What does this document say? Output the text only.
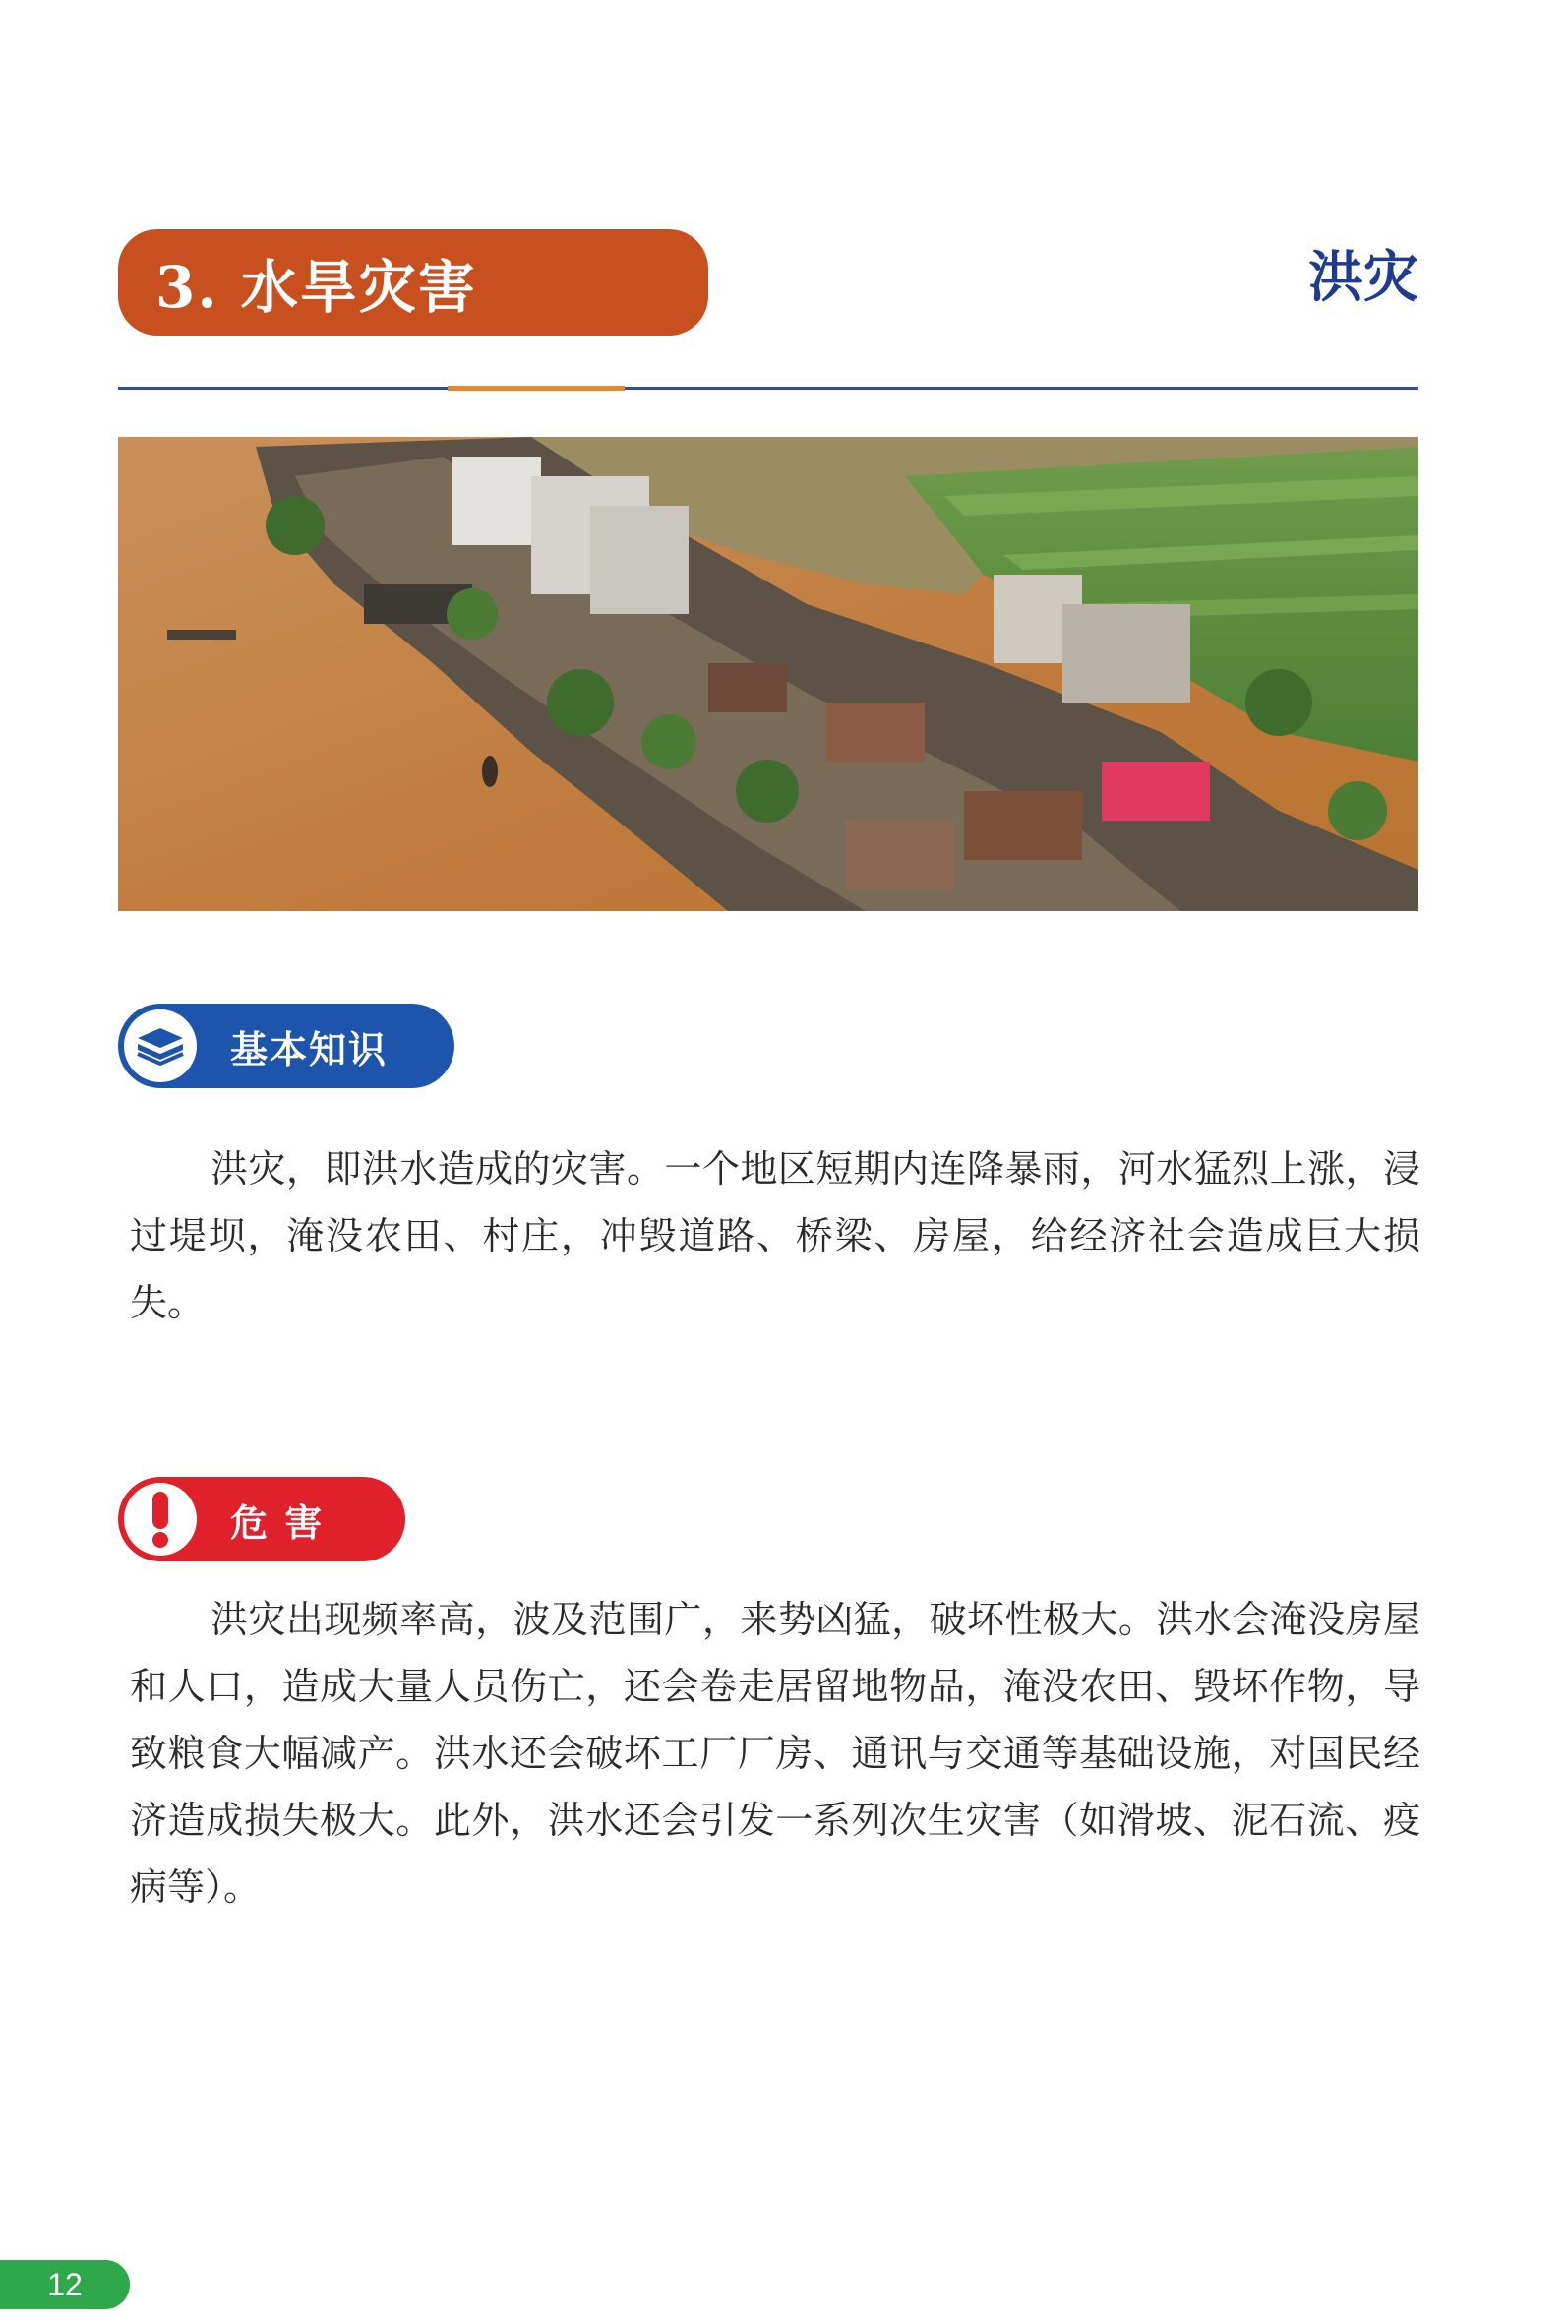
3. 水旱灾害	洪灾
基本知识

洪灾，即洪水造成的灾害。一个地区短期内连降暴雨，河水猛烈上涨，浸过堤坝，淹没农田、村庄，冲毁道路、桥梁、房屋，给经济社会造成巨大损失。

危 害

洪灾出现频率高，波及范围广，来势凶猛，破坏性极大。洪水会淹没房屋和人口，造成大量人员伤亡，还会卷走居留地物品，淹没农田、毁坏作物，导致粮食大幅减产。洪水还会破坏工厂厂房、通讯与交通等基础设施，对国民经济造成损失极大。此外，洪水还会引发一系列次生灾害（如滑坡、泥石流、疫病等）。

12
